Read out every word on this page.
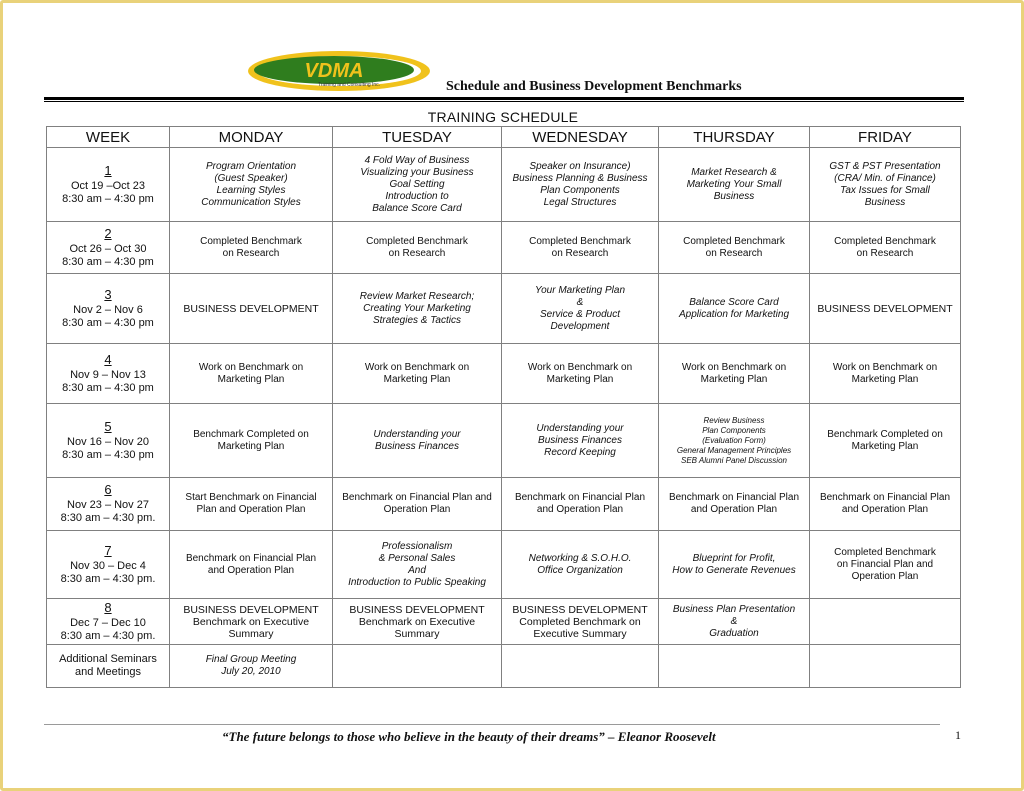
VDMA
Training and Consulting Inc.	Schedule and Business Development Benchmarks
TRAINING SCHEDULE
WEEK	MONDAY	TUESDAY	WEDNESDAY	THURSDAY	FRIDAY

1
Oct 19 –Oct 23
8:30 am – 4:30 pm	Program Orientation
(Guest Speaker)
Learning Styles
Communication Styles	4 Fold Way of Business
Visualizing your Business
Goal Setting
Introduction to
Balance Score Card	Speaker on Insurance)
Business Planning & Business
Plan Components
Legal Structures	Market Research &
Marketing Your Small
Business	GST & PST Presentation
(CRA/ Min. of Finance)
Tax Issues for Small
Business

2
Oct 26 – Oct 30
8:30 am – 4:30 pm	Completed Benchmark
on Research	Completed Benchmark
on Research	Completed Benchmark
on Research	Completed Benchmark
on Research	Completed Benchmark
on Research

3
Nov 2 – Nov 6
8:30 am – 4:30 pm	BUSINESS DEVELOPMENT	Review Market Research;
Creating Your Marketing
Strategies & Tactics	Your Marketing Plan
&
Service & Product
Development	Balance Score Card
Application for Marketing	BUSINESS DEVELOPMENT

4
Nov 9 – Nov 13
8:30 am – 4:30 pm	Work on Benchmark on
Marketing Plan	Work on Benchmark on
Marketing Plan	Work on Benchmark on
Marketing Plan	Work on Benchmark on
Marketing Plan	Work on Benchmark on
Marketing Plan

5
Nov 16 – Nov 20
8:30 am – 4:30 pm	Benchmark Completed on
Marketing Plan	Understanding your
Business Finances	Understanding your
Business Finances
Record Keeping	Review Business
Plan Components
(Evaluation Form)
General Management Principles
SEB Alumni Panel Discussion	Benchmark Completed on
Marketing Plan

6
Nov 23 – Nov 27
8:30 am – 4:30 pm.	Start Benchmark on Financial
Plan and Operation Plan	Benchmark on Financial Plan and
Operation Plan	Benchmark on Financial Plan
and Operation Plan	Benchmark on Financial Plan
and Operation Plan	Benchmark on Financial Plan
and Operation Plan

7
Nov 30 – Dec 4
8:30 am – 4:30 pm.	Benchmark on Financial Plan
and Operation Plan	Professionalism
& Personal Sales
And
Introduction to Public Speaking	Networking & S.O.H.O.
Office Organization	Blueprint for Profit,
How to Generate Revenues	Completed Benchmark
on Financial Plan and
Operation Plan

8
Dec 7 – Dec 10
8:30 am – 4:30 pm.	BUSINESS DEVELOPMENT
Benchmark on Executive
Summary	BUSINESS DEVELOPMENT
Benchmark on Executive
Summary	BUSINESS DEVELOPMENT
Completed Benchmark on
Executive Summary	Business Plan Presentation
&
Graduation	

Additional Seminars
and Meetings	Final Group Meeting
July 20, 2010				
“The future belongs to those who believe in the beauty of their dreams” – Eleanor Roosevelt	1
